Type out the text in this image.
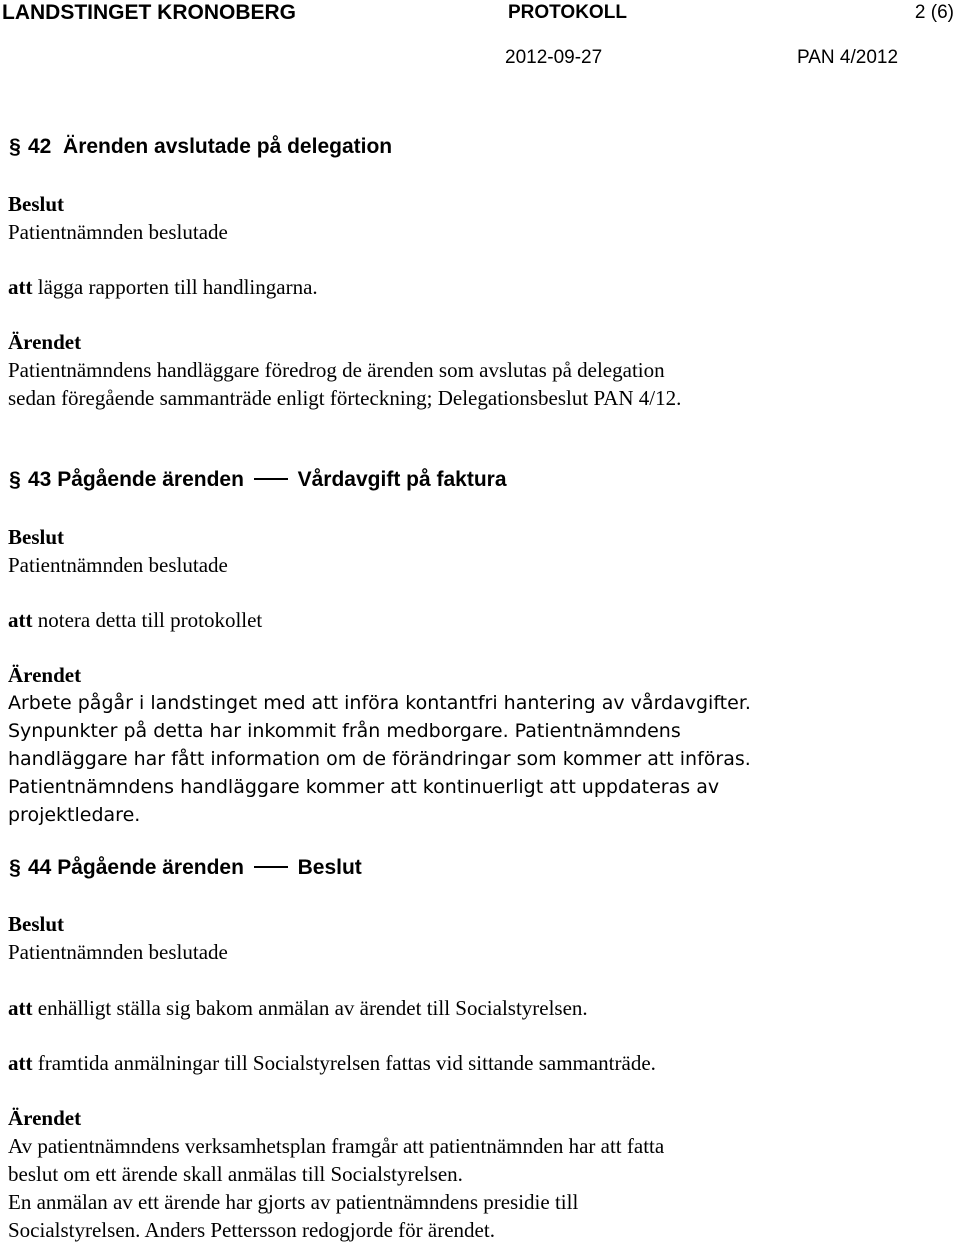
LANDSTINGET KRONOBERG	PROTOKOLL	2 (6)
2012-09-27	PAN 4/2012
§ 42 Ärenden avslutade på delegation
Beslut
Patientnämnden beslutade
att lägga rapporten till handlingarna.
Ärendet
Patientnämndens handläggare föredrog de ärenden som avslutas på delegation
sedan föregående sammanträde enligt förteckning; Delegationsbeslut PAN 4/12.
§ 43 Pågående ärenden	Vårdavgift på faktura
Beslut
Patientnämnden beslutade
att notera detta till protokollet
Ärendet
Arbete pågår i landstinget med att införa kontantfri hantering av vårdavgifter.
Synpunkter på detta har inkommit från medborgare. Patientnämndens
handläggare har fått information om de förändringar som kommer att införas.
Patientnämndens handläggare kommer att kontinuerligt att uppdateras av
projektledare.
§ 44 Pågående ärenden	Beslut
Beslut
Patientnämnden beslutade
att enhälligt ställa sig bakom anmälan av ärendet till Socialstyrelsen.
att framtida anmälningar till Socialstyrelsen fattas vid sittande sammanträde.
Ärendet
Av patientnämndens verksamhetsplan framgår att patientnämnden har att fatta
beslut om ett ärende skall anmälas till Socialstyrelsen.
En anmälan av ett ärende har gjorts av patientnämndens presidie till
Socialstyrelsen. Anders Pettersson redogjorde för ärendet.
